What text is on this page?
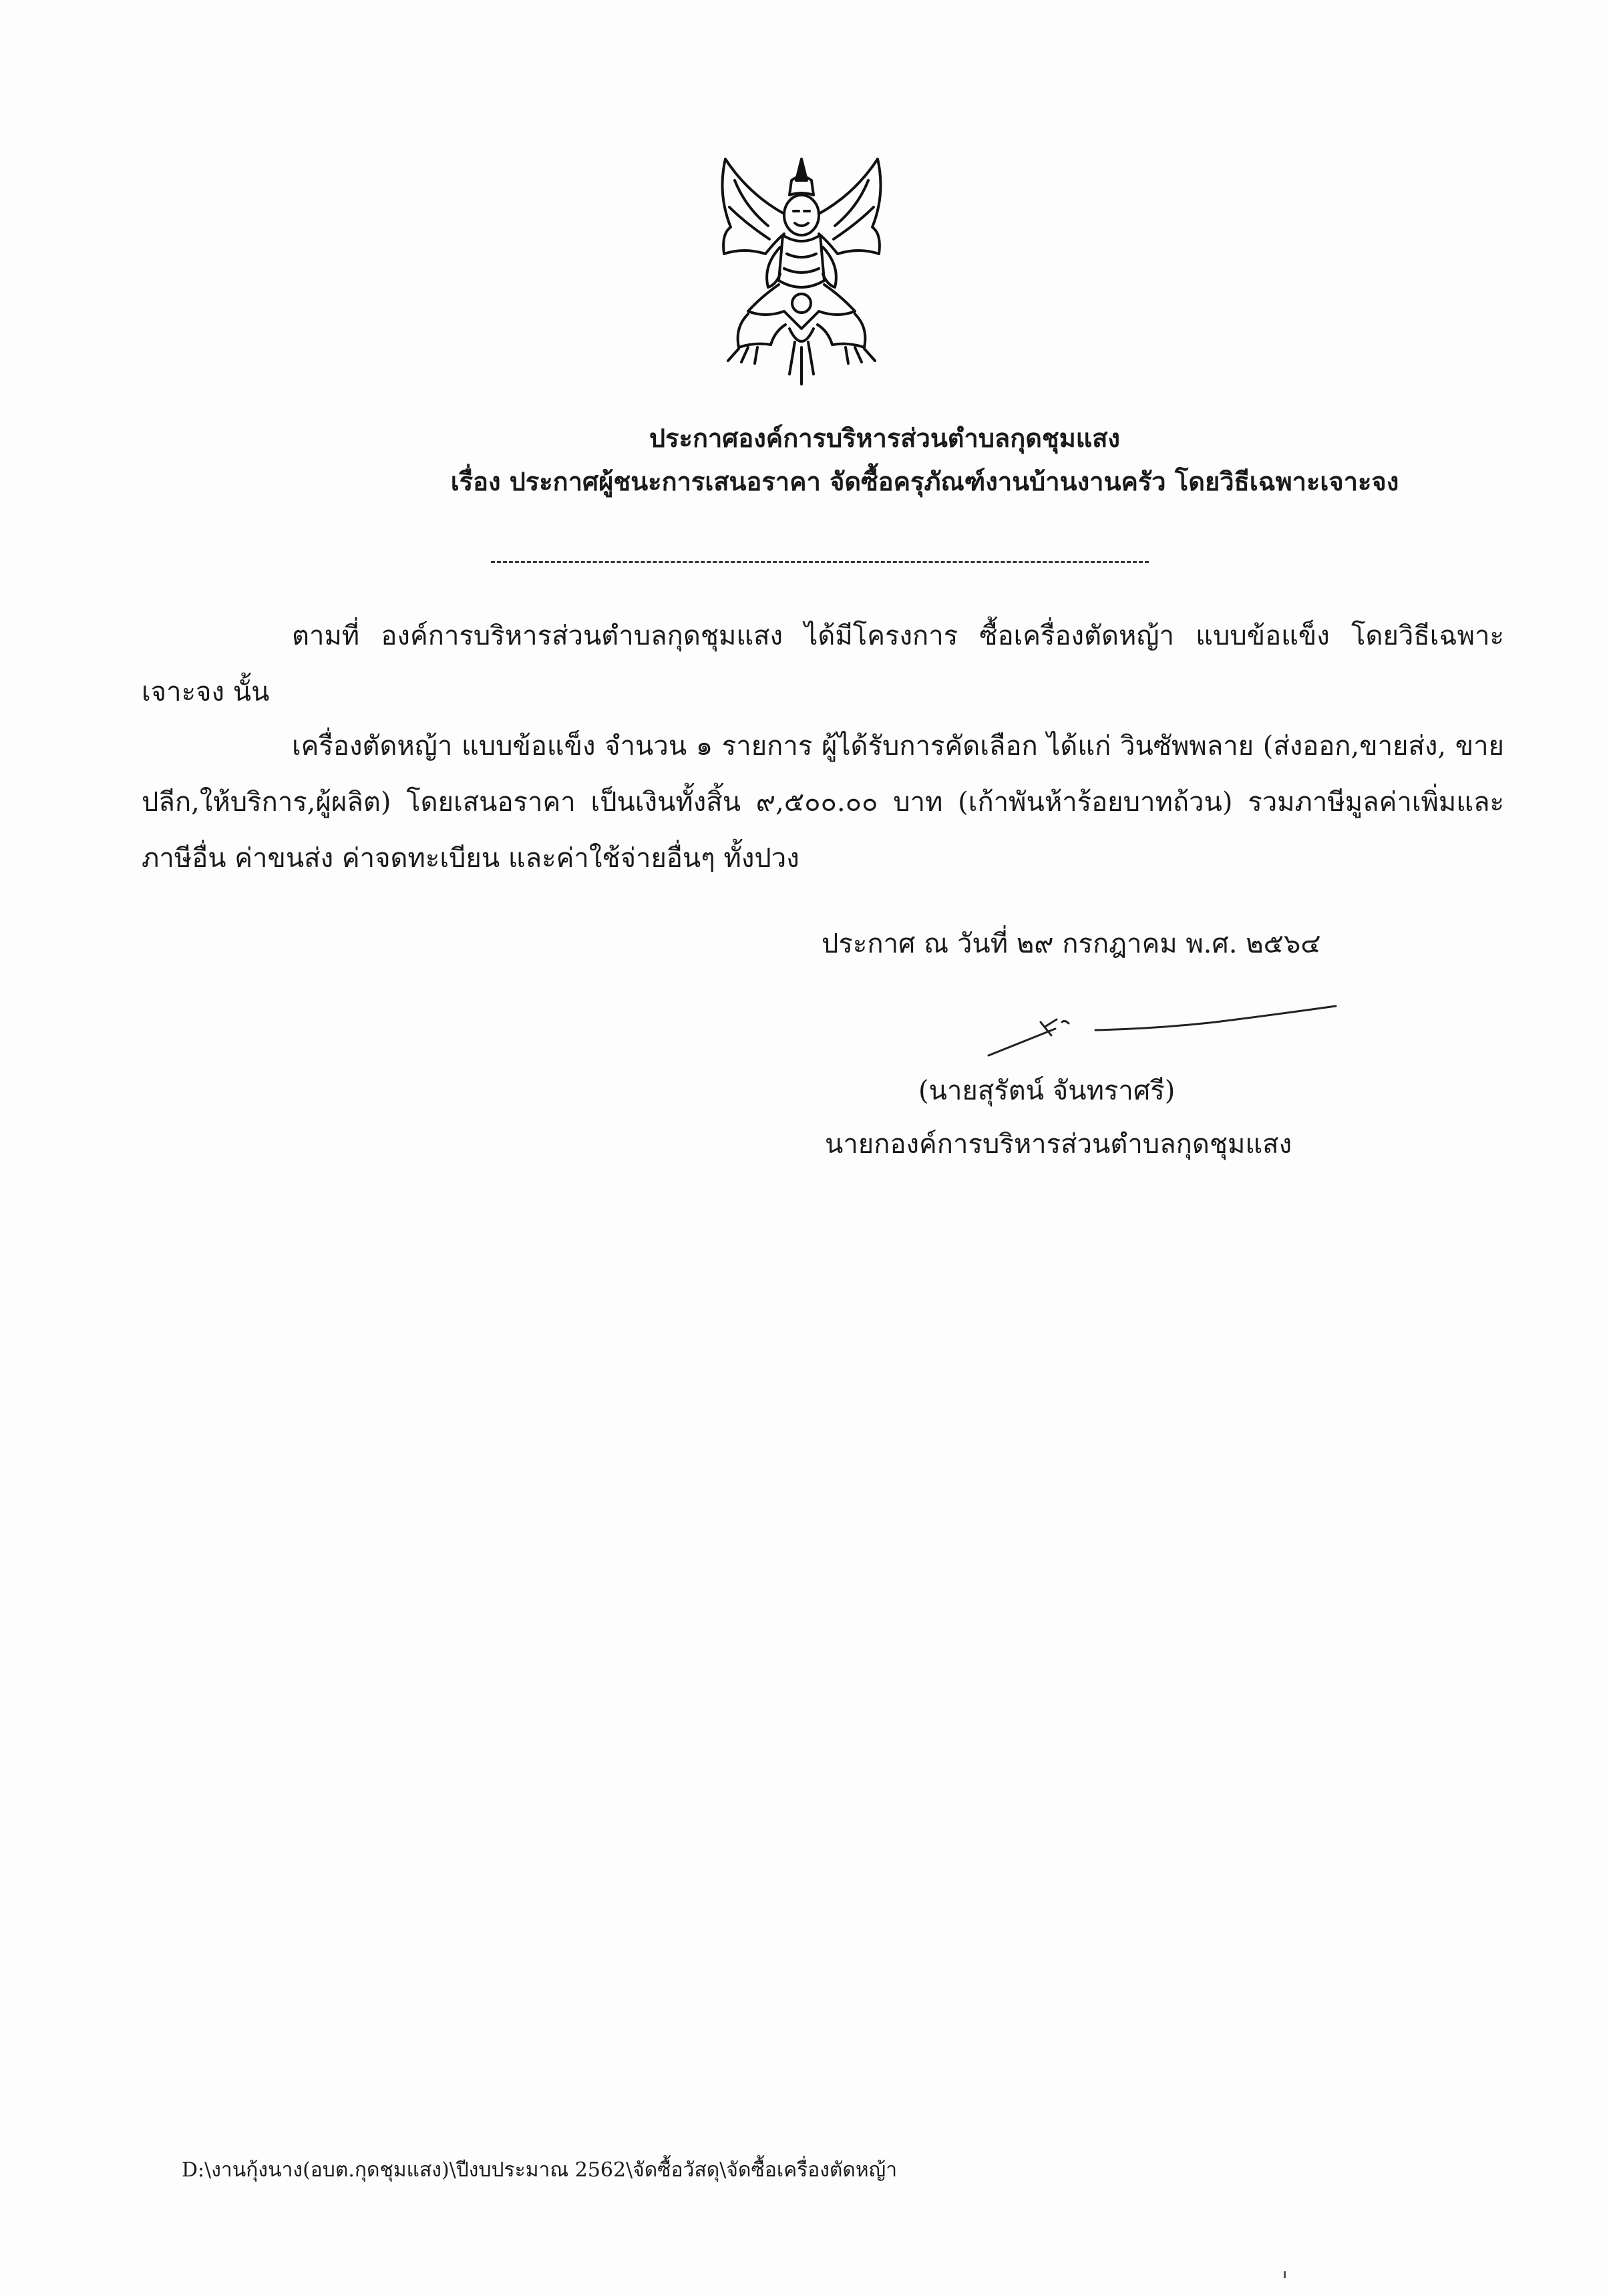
ประกาศองค์การบริหารส่วนตำบลกุดชุมแสง
เรื่อง ประกาศผู้ชนะการเสนอราคา จัดซื้อครุภัณฑ์งานบ้านงานครัว โดยวิธีเฉพาะเจาะจง
ตามที่ องค์การบริหารส่วนตำบลกุดชุมแสง ได้มีโครงการ ซื้อเครื่องตัดหญ้า แบบข้อแข็ง โดยวิธีเฉพาะเจาะจง นั้น
เครื่องตัดหญ้า แบบข้อแข็ง จำนวน ๑ รายการ ผู้ได้รับการคัดเลือก ได้แก่ วินซัพพลาย (ส่งออก,ขายส่ง, ขายปลีก,ให้บริการ,ผู้ผลิต) โดยเสนอราคา เป็นเงินทั้งสิ้น ๙,๕๐๐.๐๐ บาท (เก้าพันห้าร้อยบาทถ้วน) รวมภาษีมูลค่าเพิ่มและภาษีอื่น ค่าขนส่ง ค่าจดทะเบียน และค่าใช้จ่ายอื่นๆ ทั้งปวง
ประกาศ ณ วันที่ ๒๙ กรกฎาคม พ.ศ. ๒๕๖๔
(นายสุรัตน์ จันทราศรี)
นายกองค์การบริหารส่วนตำบลกุดชุมแสง
D:\งานกุ้งนาง(อบต.กุดชุมแสง)\ปีงบประมาณ 2562\จัดซื้อวัสดุ\จัดซื้อเครื่องตัดหญ้า
